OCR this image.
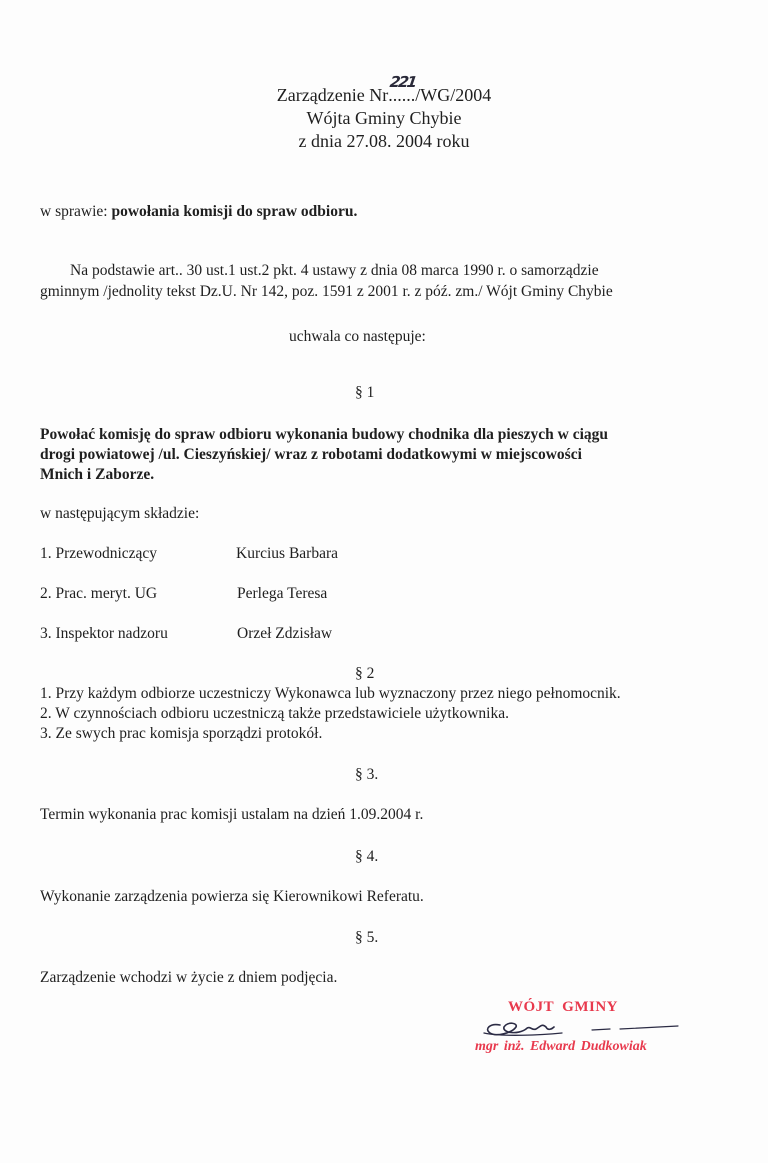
Zarządzenie Nr....
221
../WG/2004
Wójta Gminy Chybie
z dnia 27.08. 2004 roku
w sprawie: powołania komisji do spraw odbioru.
Na podstawie art.. 30 ust.1 ust.2 pkt. 4 ustawy z dnia 08 marca 1990 r. o samorządzie
gminnym /jednolity tekst Dz.U. Nr 142, poz. 1591 z 2001 r. z póź. zm./ Wójt Gminy Chybie
uchwala co następuje:
§ 1
Powołać komisję do spraw odbioru wykonania budowy chodnika dla pieszych w ciągu
drogi powiatowej /ul. Cieszyńskiej/ wraz z robotami dodatkowymi w miejscowości
Mnich i Zaborze.
w następującym składzie:
1. Przewodniczący	Kurcius Barbara
2. Prac. meryt. UG	Perlega Teresa
3. Inspektor nadzoru	Orzeł Zdzisław
§ 2
1. Przy każdym odbiorze uczestniczy Wykonawca lub wyznaczony przez niego pełnomocnik.
2. W czynnościach odbioru uczestniczą także przedstawiciele użytkownika.
3. Ze swych prac komisja sporządzi protokół.
§ 3.
Termin wykonania prac komisji ustalam na dzień 1.09.2004 r.
§ 4.
Wykonanie zarządzenia powierza się Kierownikowi Referatu.
§ 5.
Zarządzenie wchodzi w życie z dniem podjęcia.
WÓJT GMINY
mgr inż. Edward Dudkowiak
